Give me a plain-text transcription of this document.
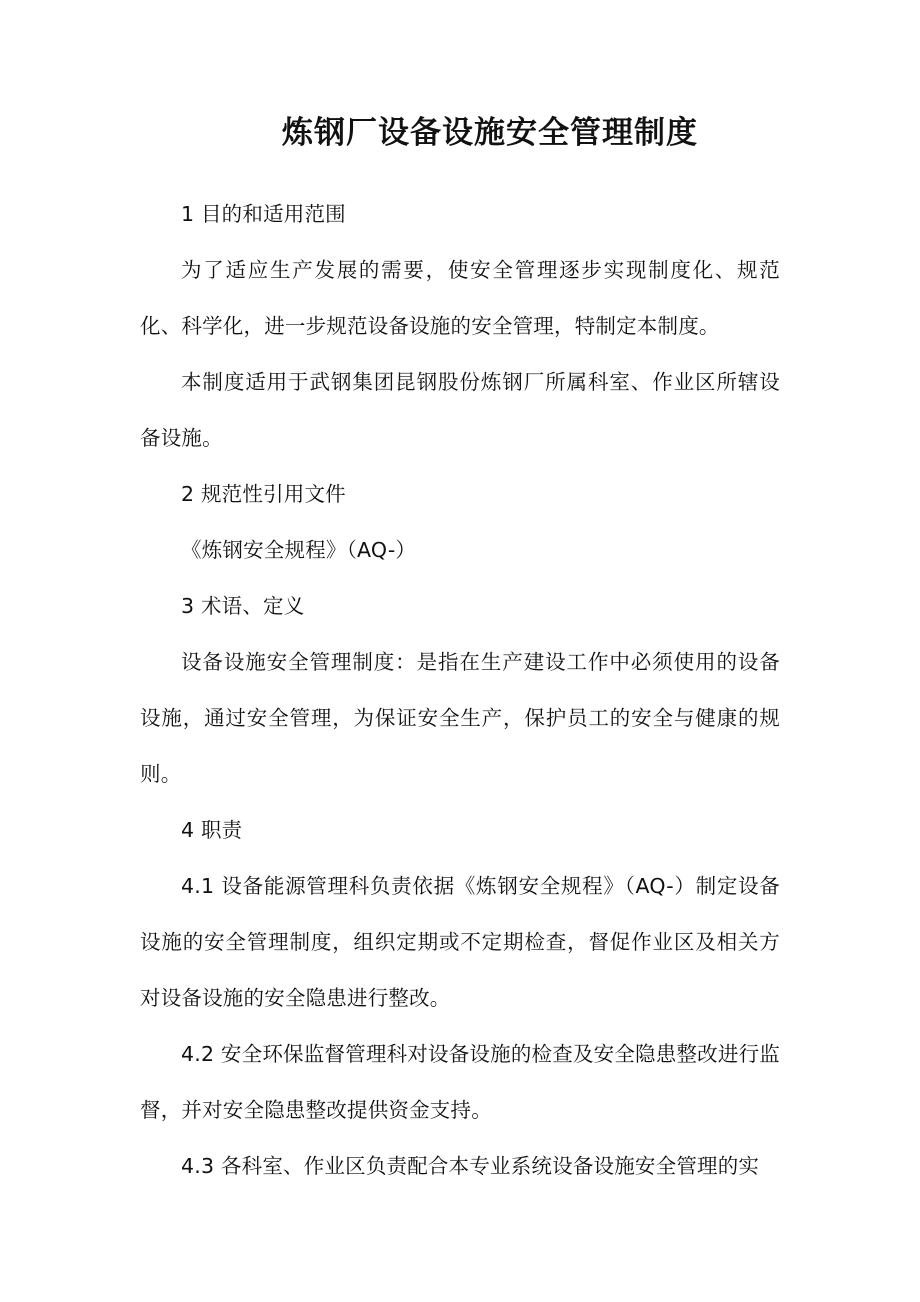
炼钢厂设备设施安全管理制度

1 目的和适用范围

为了适应生产发展的需要，使安全管理逐步实现制度化、规范化、科学化，进一步规范设备设施的安全管理，特制定本制度。

本制度适用于武钢集团昆钢股份炼钢厂所属科室、作业区所辖设备设施。

2 规范性引用文件

《炼钢安全规程》（AQ-）

3 术语、定义

设备设施安全管理制度：是指在生产建设工作中必须使用的设备设施，通过安全管理，为保证安全生产，保护员工的安全与健康的规则。

4 职责

4.1 设备能源管理科负责依据《炼钢安全规程》（AQ-）制定设备设施的安全管理制度，组织定期或不定期检查，督促作业区及相关方对设备设施的安全隐患进行整改。

4.2 安全环保监督管理科对设备设施的检查及安全隐患整改进行监督，并对安全隐患整改提供资金支持。

4.3 各科室、作业区负责配合本专业系统设备设施安全管理的实
